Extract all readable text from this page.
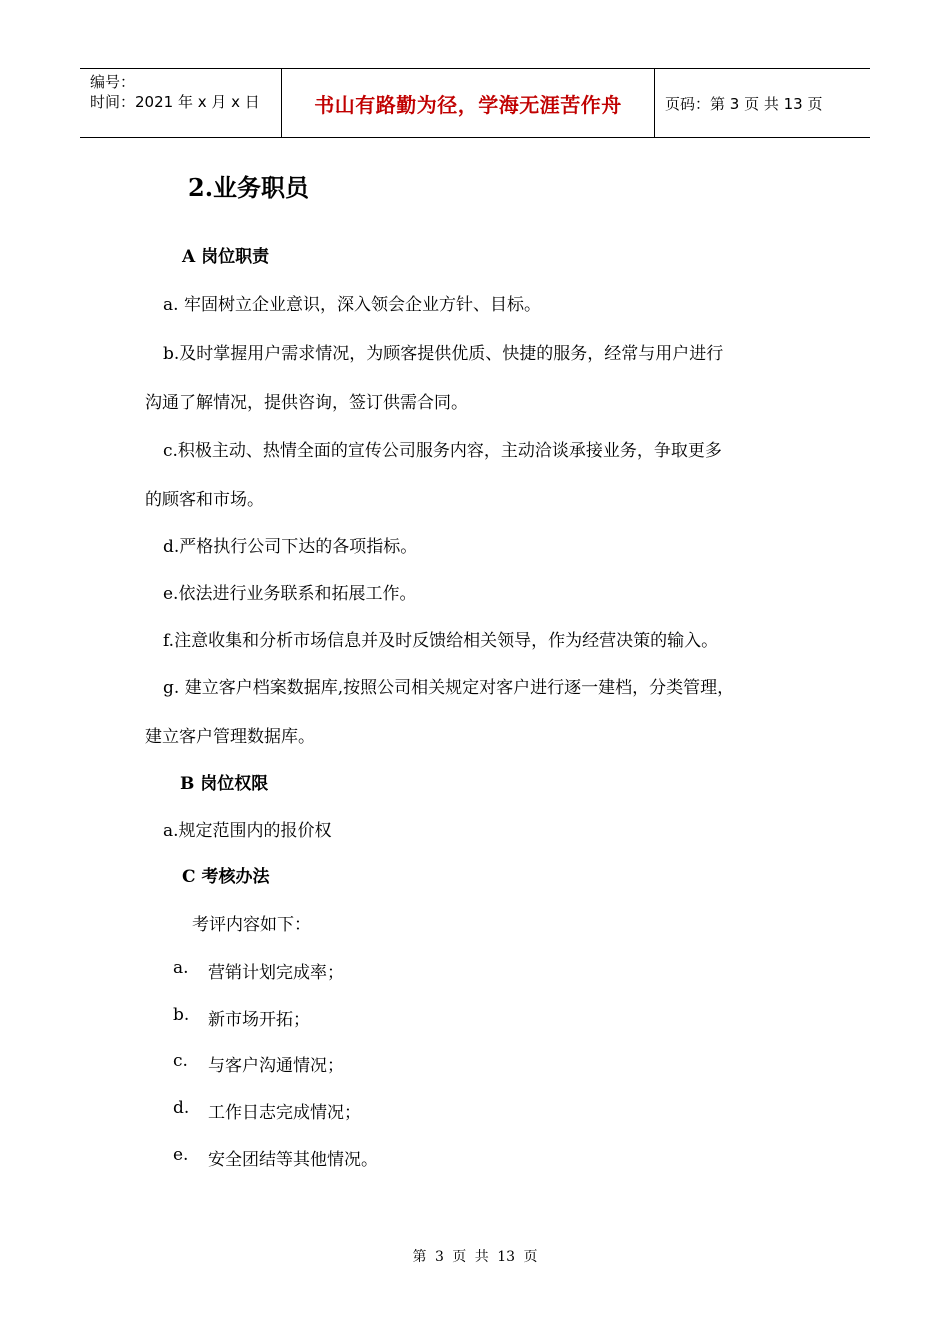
编号：
时间：2021 年 x 月 x 日	书山有路勤为径，学海无涯苦作舟	页码：第 3 页 共 13 页
2.业务职员
A 岗位职责
a. 牢固树立企业意识，深入领会企业方针、目标。
b.及时掌握用户需求情况，为顾客提供优质、快捷的服务，经常与用户进行
沟通了解情况，提供咨询，签订供需合同。
c.积极主动、热情全面的宣传公司服务内容，主动洽谈承接业务，争取更多
的顾客和市场。
d.严格执行公司下达的各项指标。
e.依法进行业务联系和拓展工作。
f.注意收集和分析市场信息并及时反馈给相关领导，作为经营决策的输入。
g. 建立客户档案数据库,按照公司相关规定对客户进行逐一建档，分类管理，
建立客户管理数据库。
B 岗位权限
a.规定范围内的报价权
C 考核办法
考评内容如下：
a. 营销计划完成率；
b. 新市场开拓；
c. 与客户沟通情况；
d. 工作日志完成情况；
e. 安全团结等其他情况。
第 3 页 共 13 页
